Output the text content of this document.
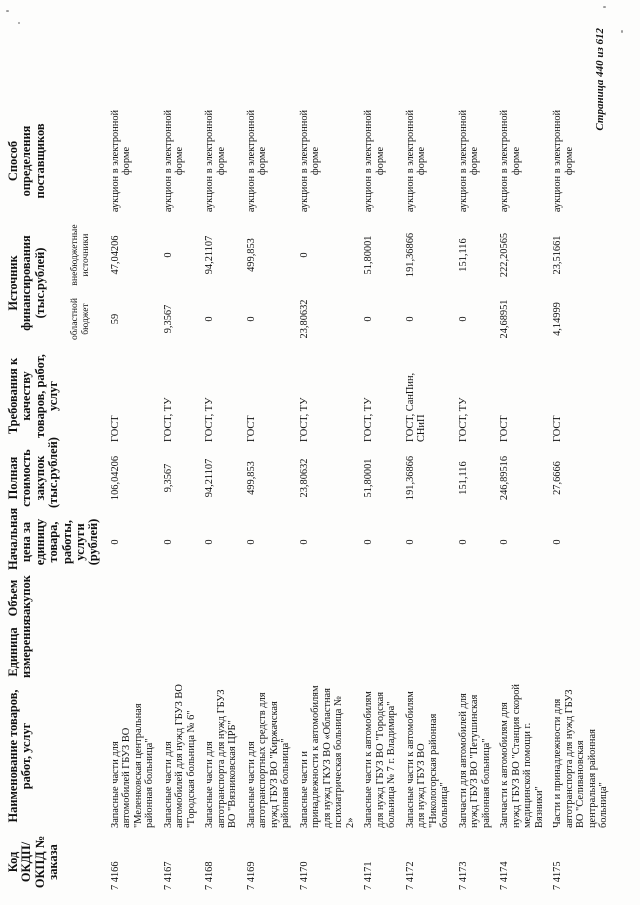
Код ОКДП/ ОКПД № заказа	Наименование товаров, работ, услуг	Единица измерения	Объем закупок	Начальная цена за единицу товара, работы, услуги (рублей)	Полная стоимость закупок (тыс.рублей)	Требования к качеству товаров, работ, услуг	Источник финансирования (тыс.рублей)		Способ определения поставщиков
							областной бюджет	внебюджетные источники	
7 4166	Запасные части для автомобилей ГБУЗ ВО "Меленковская центральная районная больница"			0	106,04206	ГОСТ	59	47,04206	аукцион в электронной форме
7 4167	Запасные части для автомобилей для нужд ГБУЗ ВО "Городская больница № 6"			0	9,3567	ГОСТ, ТУ	9,3567	0	аукцион в электронной форме
7 4168	Запасные части для автотранспорта для нужд ГБУЗ ВО "Вязниковская ЦРБ"			0	94,21107	ГОСТ, ТУ	0	94,21107	аукцион в электронной форме
7 4169	Запасные части для автотранспортных средств для нужд ГБУЗ ВО "Киржачская районная больница"			0	499,853	ГОСТ	0	499,853	аукцион в электронной форме
7 4170	Запасные части и принадлежности к автомобилям для нужд ГКУЗ ВО «Областная психиатрическая больница № 2»			0	23,80632	ГОСТ, ТУ	23,80632	0	аукцион в электронной форме
7 4171	Запасные части к автомобилям для нужд ГБУЗ ВО "Городская больница № 7 г. Владимира"			0	51,80001	ГОСТ, ТУ	0	51,80001	аукцион в электронной форме
7 4172	Запасные части к автомобилям для нужд ГБУЗ ВО "Никологорская районная больница"			0	191,36866	ГОСТ, СанПин, СНиП	0	191,36866	аукцион в электронной форме
7 4173	Запчасти для автомобилей для нужд ГБУЗ ВО "Петушинская районная больница"			0	151,116	ГОСТ, ТУ	0	151,116	аукцион в электронной форме
7 4174	Запчасти к автомобилям для нужд ГБУЗ ВО "Станция скорой медицинской помощи г. Вязники"			0	246,89516	ГОСТ	24,68951	222,20565	аукцион в электронной форме
7 4175	Части и принадлежности для автотранспорта для нужд ГБУЗ ВО "Селивановская центральная районная больница"			0	27,6666	ГОСТ	4,14999	23,51661	аукцион в электронной форме
Страница 440 из 612
